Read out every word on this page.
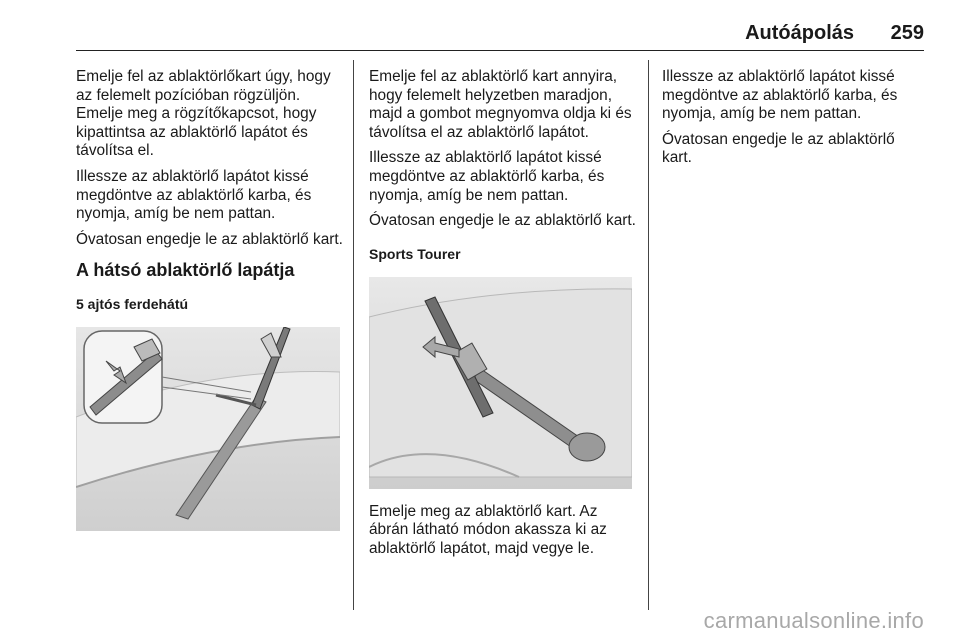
Autóápolás 259

Emelje fel az ablaktörlőkart úgy, hogy az felemelt pozícióban rögzüljön. Emelje meg a rögzítőkapcsot, hogy kipattintsa az ablaktörlő lapátot és távolítsa el.

Illessze az ablaktörlő lapátot kissé megdöntve az ablaktörlő karba, és nyomja, amíg be nem pattan.

Óvatosan engedje le az ablaktörlő kart.

A hátsó ablaktörlő lapátja
5 ajtós ferdehátú

Emelje fel az ablaktörlő kart annyira, hogy felemelt helyzetben maradjon, majd a gombot megnyomva oldja ki és távolítsa el az ablaktörlő lapátot.

Illessze az ablaktörlő lapátot kissé megdöntve az ablaktörlő karba, és nyomja, amíg be nem pattan.

Óvatosan engedje le az ablaktörlő kart.

Sports Tourer

Emelje meg az ablaktörlő kart. Az ábrán látható módon akassza ki az ablaktörlő lapátot, majd vegye le.

Illessze az ablaktörlő lapátot kissé megdöntve az ablaktörlő karba, és nyomja, amíg be nem pattan.

Óvatosan engedje le az ablaktörlő kart.

carmanualsonline.info
